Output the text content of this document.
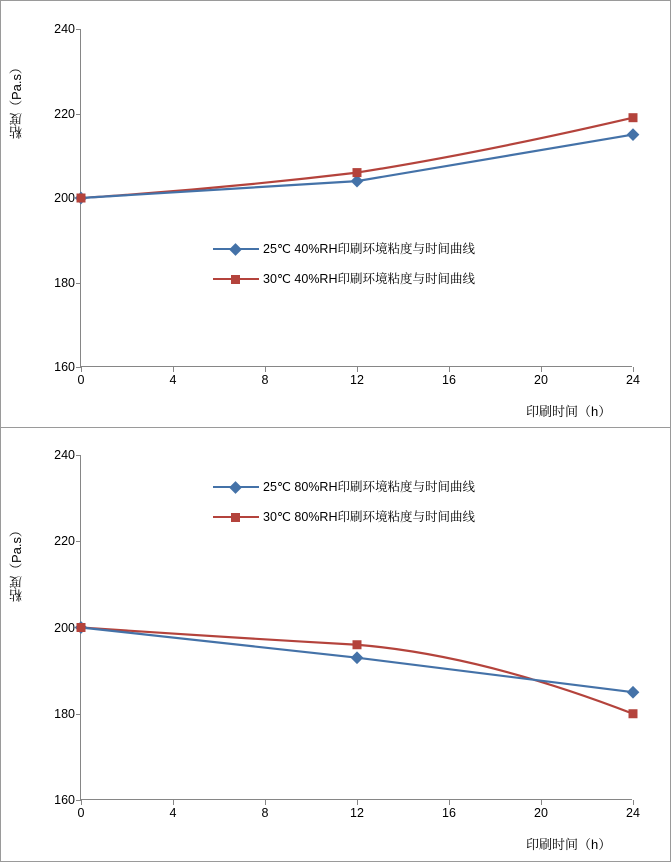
粘度（Pa.s）
240
220
200
180
160
25℃ 40%RH印刷环境粘度与时间曲线
30℃ 40%RH印刷环境粘度与时间曲线
0	4	8	12	16	20	24
印刷时间（h）
粘度（Pa.s）
240
220
200
180
160
25℃ 80%RH印刷环境粘度与时间曲线
30℃ 80%RH印刷环境粘度与时间曲线
0	4	8	12	16	20	24
印刷时间（h）
